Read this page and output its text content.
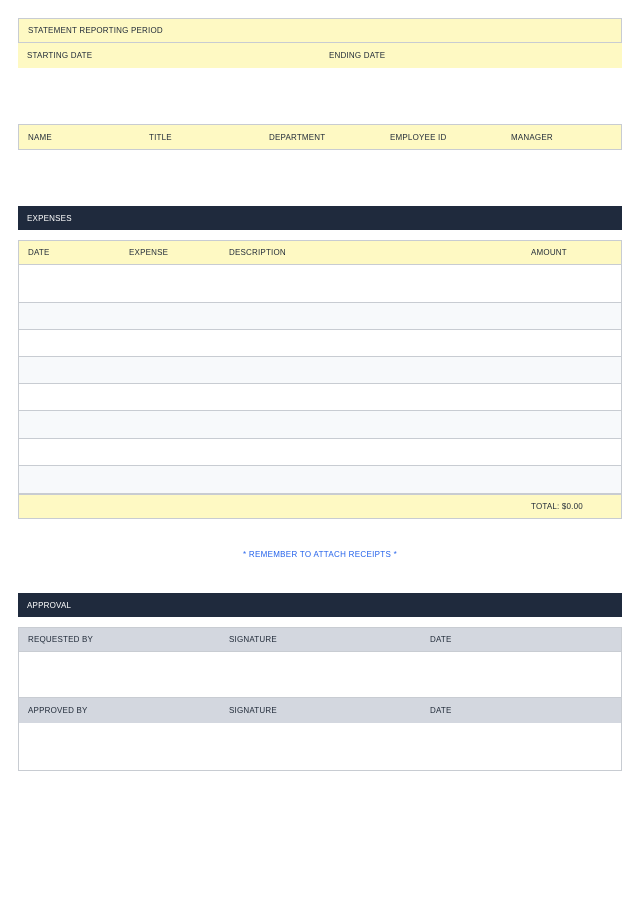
STATEMENT REPORTING PERIOD
STARTING DATE	ENDING DATE
NAME	TITLE	DEPARTMENT	EMPLOYEE ID	MANAGER
EXPENSES
DATE	EXPENSE	DESCRIPTION	AMOUNT
TOTAL: $0.00
* REMEMBER TO ATTACH RECEIPTS *
APPROVAL
REQUESTED BY	SIGNATURE	DATE
APPROVED BY	SIGNATURE	DATE
